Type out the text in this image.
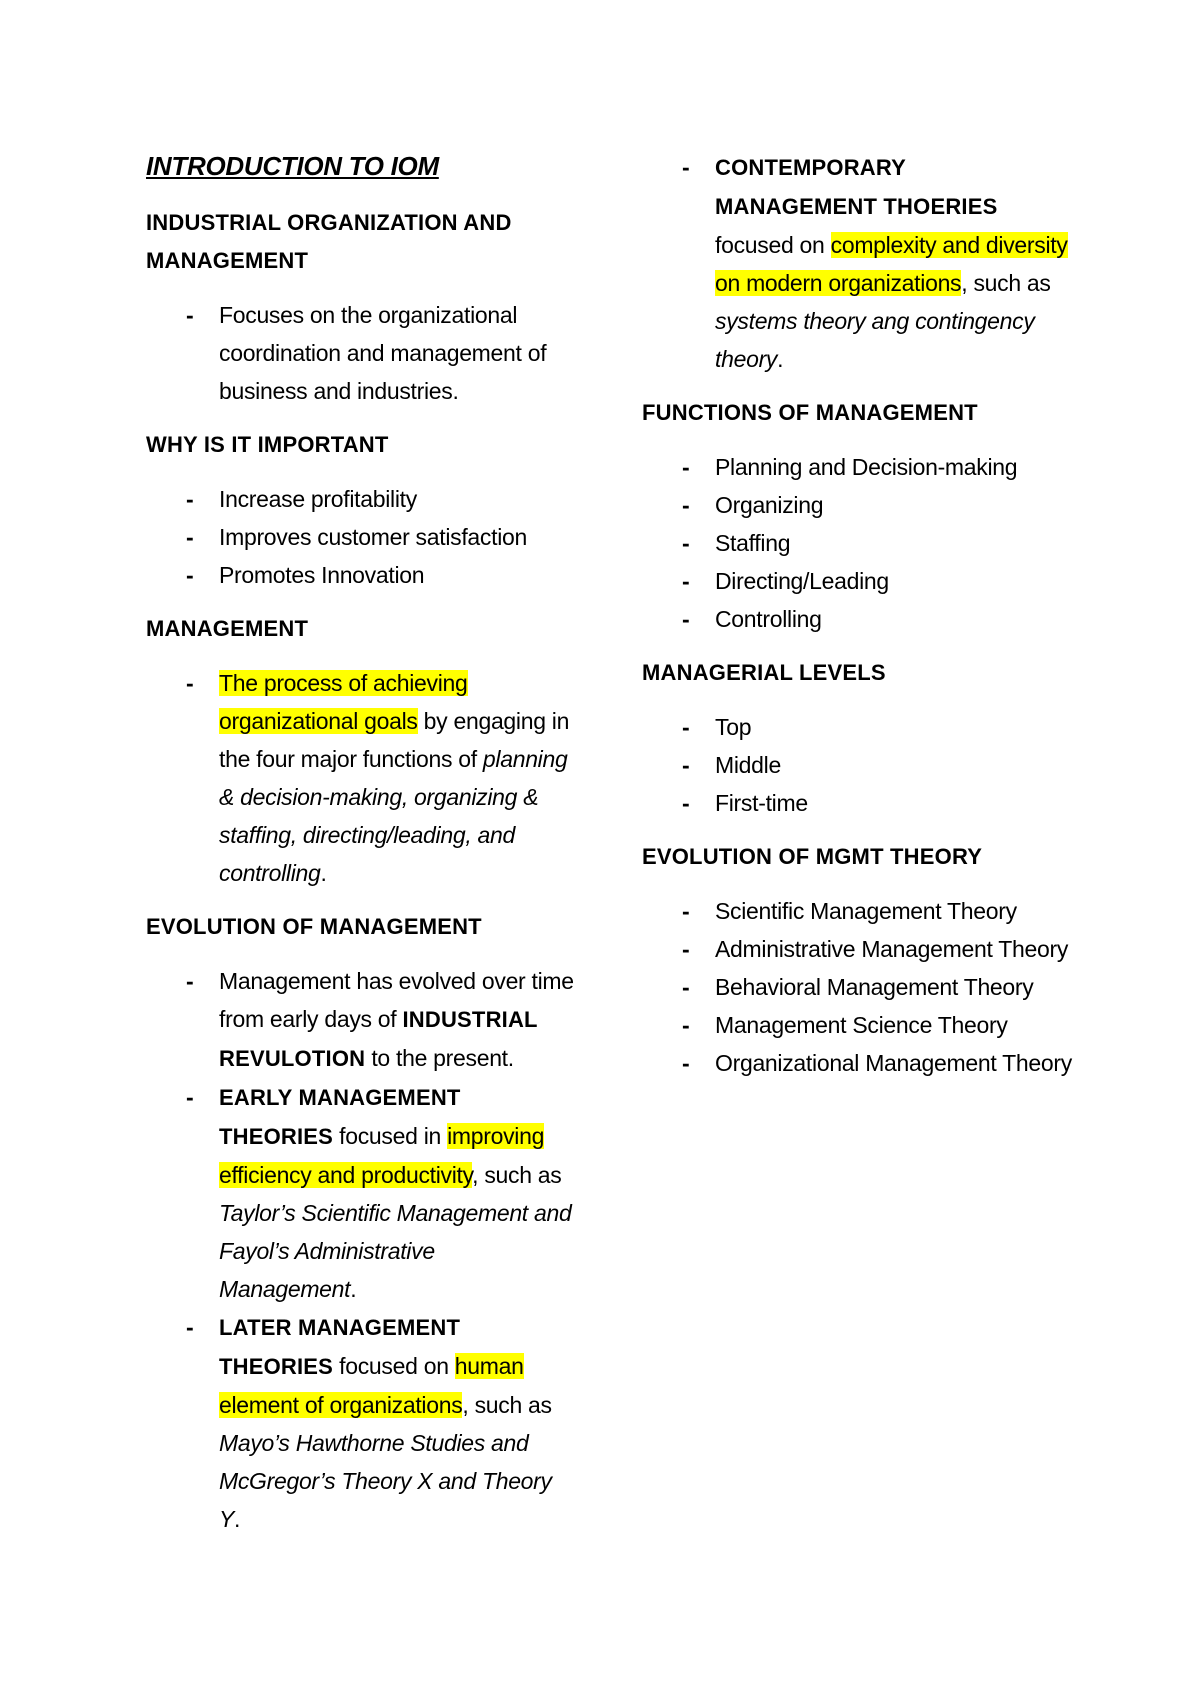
INTRODUCTION TO IOM
INDUSTRIAL ORGANIZATION AND MANAGEMENT
- Focuses on the organizational coordination and management of business and industries.
WHY IS IT IMPORTANT
- Increase profitability
- Improves customer satisfaction
- Promotes Innovation
MANAGEMENT
- The process of achieving
organizational goals by engaging in the four major functions of planning & decision-making, organizing & staffing, directing/leading, and controlling.
EVOLUTION OF MANAGEMENT
- Management has evolved over time from early days of INDUSTRIAL REVULOTION to the present.
- EARLY MANAGEMENT THEORIES focused in improving efficiency and productivity, such as Taylor’s Scientific Management and Fayol’s Administrative Management.
- LATER MANAGEMENT THEORIES focused on human element of organizations, such as Mayo’s Hawthorne Studies and McGregor’s Theory X and Theory Y.
- CONTEMPORARY MANAGEMENT THOERIES focused on complexity and diversity on modern organizations, such as systems theory ang contingency theory.
FUNCTIONS OF MANAGEMENT
- Planning and Decision-making
- Organizing
- Staffing
- Directing/Leading
- Controlling
MANAGERIAL LEVELS
- Top
- Middle
- First-time
EVOLUTION OF MGMT THEORY
- Scientific Management Theory
- Administrative Management Theory
- Behavioral Management Theory
- Management Science Theory
- Organizational Management Theory
